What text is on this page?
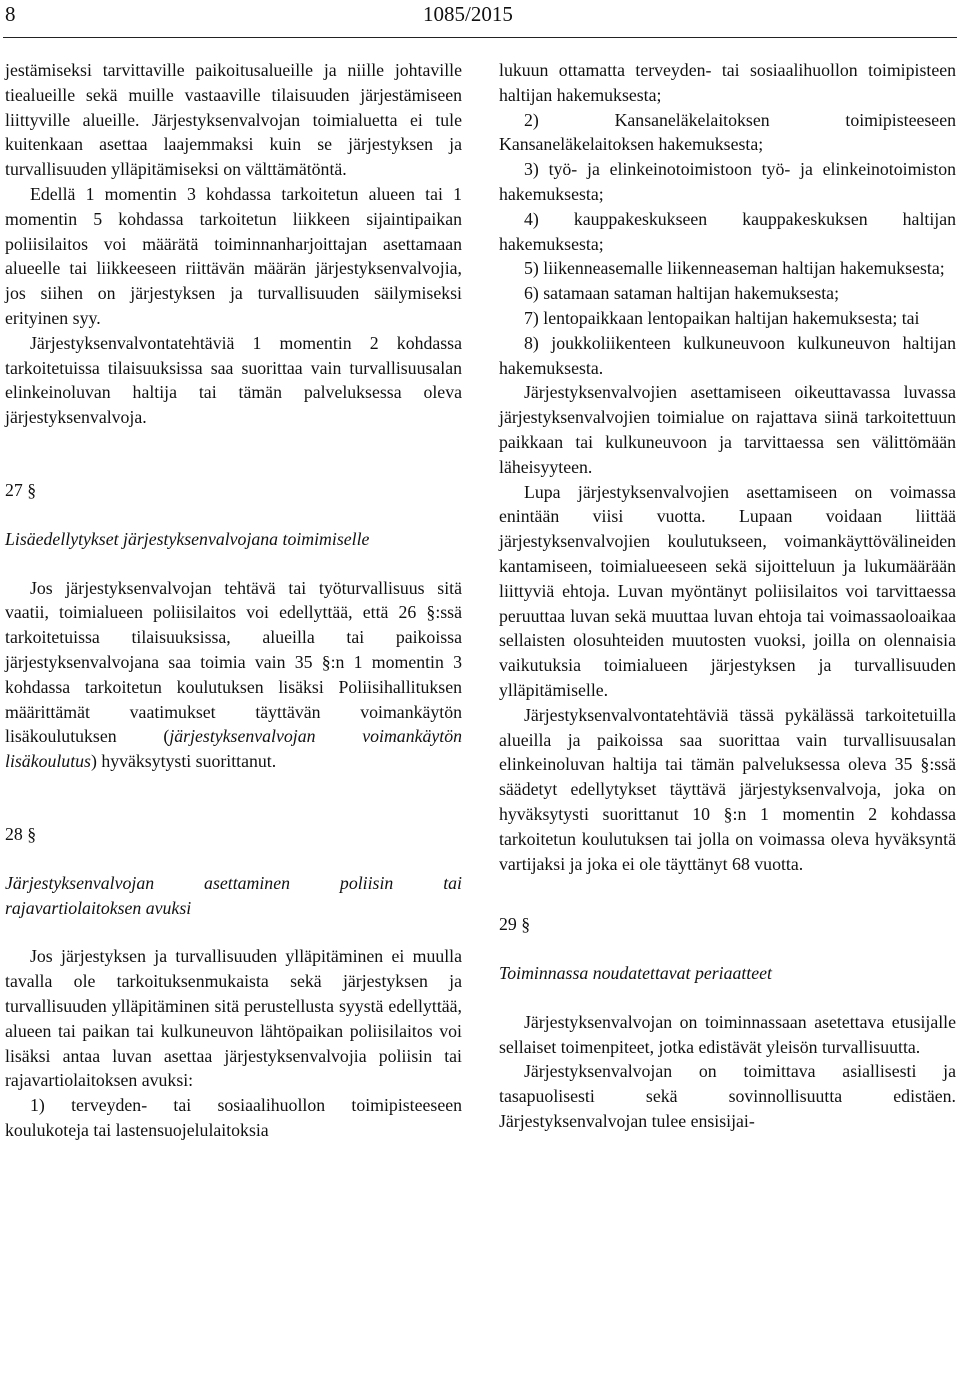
8	1085/2015

jestämiseksi tarvittaville paikoitusalueille ja niille johtaville tiealueille sekä muille vastaaville tilaisuuden järjestämiseen liittyville alueille. Järjestyksenvalvojan toimialuetta ei tule kuitenkaan asettaa laajemmaksi kuin se järjestyksen ja turvallisuuden ylläpitämiseksi on välttämätöntä.

Edellä 1 momentin 3 kohdassa tarkoitetun alueen tai 1 momentin 5 kohdassa tarkoitetun liikkeen sijaintipaikan poliisilaitos voi määrätä toiminnanharjoittajan asettamaan alueelle tai liikkeeseen riittävän määrän järjestyksenvalvojia, jos siihen on järjestyksen ja turvallisuuden säilymiseksi erityinen syy.

Järjestyksenvalvontatehtäviä 1 momentin 2 kohdassa tarkoitetuissa tilaisuuksissa saa suorittaa vain turvallisuusalan elinkeinoluvan haltija tai tämän palveluksessa oleva järjestyksenvalvoja.

27 §

Lisäedellytykset järjestyksenvalvojana toimimiselle

Jos järjestyksenvalvojan tehtävä tai työturvallisuus sitä vaatii, toimialueen poliisilaitos voi edellyttää, että 26 §:ssä tarkoitetuissa tilaisuuksissa, alueilla tai paikoissa järjestyksenvalvojana saa toimia vain 35 §:n 1 momentin 3 kohdassa tarkoitetun koulutuksen lisäksi Poliisihallituksen määrittämät vaatimukset täyttävän voimankäytön lisäkoulutuksen (järjestyksenvalvojan voimankäytön lisäkoulutus) hyväksytysti suorittanut.

28 §

Järjestyksenvalvojan asettaminen poliisin tai rajavartiolaitoksen avuksi

Jos järjestyksen ja turvallisuuden ylläpitäminen ei muulla tavalla ole tarkoituksenmukaista sekä järjestyksen ja turvallisuuden ylläpitäminen sitä perustellusta syystä edellyttää, alueen tai paikan tai kulkuneuvon lähtöpaikan poliisilaitos voi lisäksi antaa luvan asettaa järjestyksenvalvojia poliisin tai rajavartiolaitoksen avuksi:

1) terveyden- tai sosiaalihuollon toimipisteeseen koulukoteja tai lastensuojelulaitoksia

lukuun ottamatta terveyden- tai sosiaalihuollon toimipisteen haltijan hakemuksesta;

2) Kansaneläkelaitoksen toimipisteeseen Kansaneläkelaitoksen hakemuksesta;

3) työ- ja elinkeinotoimistoon työ- ja elinkeinotoimiston hakemuksesta;

4) kauppakeskukseen kauppakeskuksen haltijan hakemuksesta;

5) liikenneasemalle liikenneaseman haltijan hakemuksesta;

6) satamaan sataman haltijan hakemuksesta;

7) lentopaikkaan lentopaikan haltijan hakemuksesta; tai

8) joukkoliikenteen kulkuneuvoon kulkuneuvon haltijan hakemuksesta.

Järjestyksenvalvojien asettamiseen oikeuttavassa luvassa järjestyksenvalvojien toimialue on rajattava siinä tarkoitettuun paikkaan tai kulkuneuvoon ja tarvittaessa sen välittömään läheisyyteen.

Lupa järjestyksenvalvojien asettamiseen on voimassa enintään viisi vuotta. Lupaan voidaan liittää järjestyksenvalvojien koulutukseen, voimankäyttövälineiden kantamiseen, toimialueeseen sekä sijoitteluun ja lukumäärään liittyviä ehtoja. Luvan myöntänyt poliisilaitos voi tarvittaessa peruuttaa luvan sekä muuttaa luvan ehtoja tai voimassaoloaikaa sellaisten olosuhteiden muutosten vuoksi, joilla on olennaisia vaikutuksia toimialueen järjestyksen ja turvallisuuden ylläpitämiselle.

Järjestyksenvalvontatehtäviä tässä pykälässä tarkoitetuilla alueilla ja paikoissa saa suorittaa vain turvallisuusalan elinkeinoluvan haltija tai tämän palveluksessa oleva 35 §:ssä säädetyt edellytykset täyttävä järjestyksenvalvoja, joka on hyväksytysti suorittanut 10 §:n 1 momentin 2 kohdassa tarkoitetun koulutuksen tai jolla on voimassa oleva hyväksyntä vartijaksi ja joka ei ole täyttänyt 68 vuotta.

29 §

Toiminnassa noudatettavat periaatteet

Järjestyksenvalvojan on toiminnassaan asetettava etusijalle sellaiset toimenpiteet, jotka edistävät yleisön turvallisuutta.

Järjestyksenvalvojan on toimittava asiallisesti ja tasapuolisesti sekä sovinnollisuutta edistäen. Järjestyksenvalvojan tulee ensisijai-
